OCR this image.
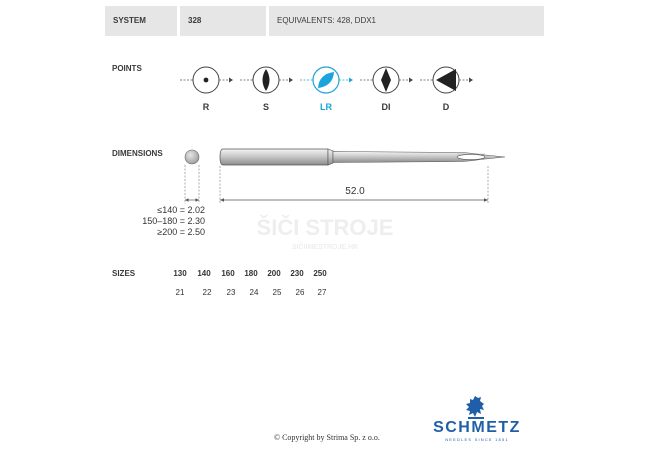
SYSTEM	328	EQUIVALENTS: 428, DDX1
POINTS
R	S	LR	DI	D
ŠIČI STROJE
SIČIIMESTROJE.HR
DIMENSIONS
52.0
≤140 = 2.02
150–180 = 2.30
≥200 = 2.50
SIZES	130	140	160	180	200	230	250
21	22	23	24	25	26	27
© Copyright by Strima Sp. z o.o.
SCHMETZ
NEEDLES SINCE 1851
